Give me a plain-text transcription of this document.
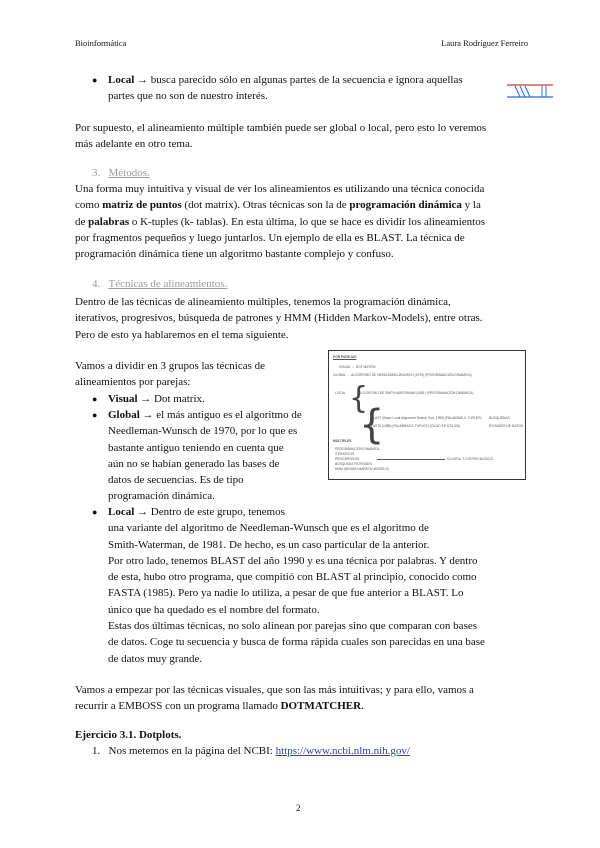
Bioinformática	Laura Rodríguez Ferreiro
● Local → busca parecido sólo en algunas partes de la secuencia e ignora aquellas
partes que no son de nuestro interés.
Por supuesto, el alineamiento múltiple también puede ser global o local, pero esto lo veremos
más adelante en otro tema.
3. Métodos.
Una forma muy intuitiva y visual de ver los alineamientos es utilizando una técnica conocida
como matriz de puntos (dot matrix). Otras técnicas son la de programación dinámica y la
de palabras o K-tuples (k- tablas). En esta última, lo que se hace es dividir los alineamientos
por fragmentos pequeños y luego juntarlos. Un ejemplo de ella es BLAST. La técnica de
programación dinámica tiene un algoritmo bastante complejo y confuso.
4. Técnicas de alineamientos.
Dentro de las técnicas de alineamiento múltiples, tenemos la programación dinámica,
iterativos, progresivos, búsqueda de patrones y HMM (Hidden Markov-Models), entre otras.
Pero de esto ya hablaremos en el tema siguiente.
Vamos a dividir en 3 grupos las técnicas de
alineamientos por parejas:
● Visual → Dot matrix.
● Global → el más antiguo es el algoritmo de
Needleman-Wunsch de 1970, por lo que es
bastante antiguo teniendo en cuenta que
aún no se habían generado las bases de
datos de secuencias. Es de tipo
programación dinámica.
● Local → Dentro de este grupo, tenemos
una variante del algoritmo de Needleman-Wunsch que es el algoritmo de
Smith-Waterman, de 1981. De hecho, es un caso particular de la anterior.
Por otro lado, tenemos BLAST del año 1990 y es una técnica por palabras. Y dentro
de esta, hubo otro programa, que compitió con BLAST al principio, conocido como
FASTA (1985). Pero ya nadie lo utiliza, a pesar de que fue anterior a BLAST. Lo
único que ha quedado es el nombre del formato.
Estas dos últimas técnicas, no solo alinean por parejas sino que comparan con bases
de datos. Coge tu secuencia y busca de forma rápida cuales son parecidas en una base
de datos muy grande.
POR PAREJAS
VISUAL → DOT MATRIX
GLOBAL → ALGORITMO DE NEEDLEMAN-WUNSCH (1970) (PROGRAMACIÓN DINÁMICA)
LOCAL {
ALGORITMO DE SMITH-WATERMAN (1981) (PROGRAMACIÓN DINÁMICA)
{
BLAST (Basic Local Alignment Search Tool, 1990) (PALABRAS K-TUPLES) BÚSQUEDAS
FASTA (1985) (PALABRAS K-TUPLES) (YA NO SE UTILIZA)	EN BASES DE DATOS
MÚLTIPLES
PROGRAMACIÓN DINÁMICA
ITERATIVOS
PROGRESIVOS	CLUSTAL T-COFFEE MUSCLE
BÚSQUEDA PATRONES
HMM (HIDDEN MARKOV MODELS)
Vamos a empezar por las técnicas visuales, que son las más intuitivas; y para ello, vamos a
recurrir a EMBOSS con un programa llamado DOTMATCHER.
Ejercicio 3.1. Dotplots.
1. Nos metemos en la página del NCBI: https://www.ncbi.nlm.nih.gov/
2
